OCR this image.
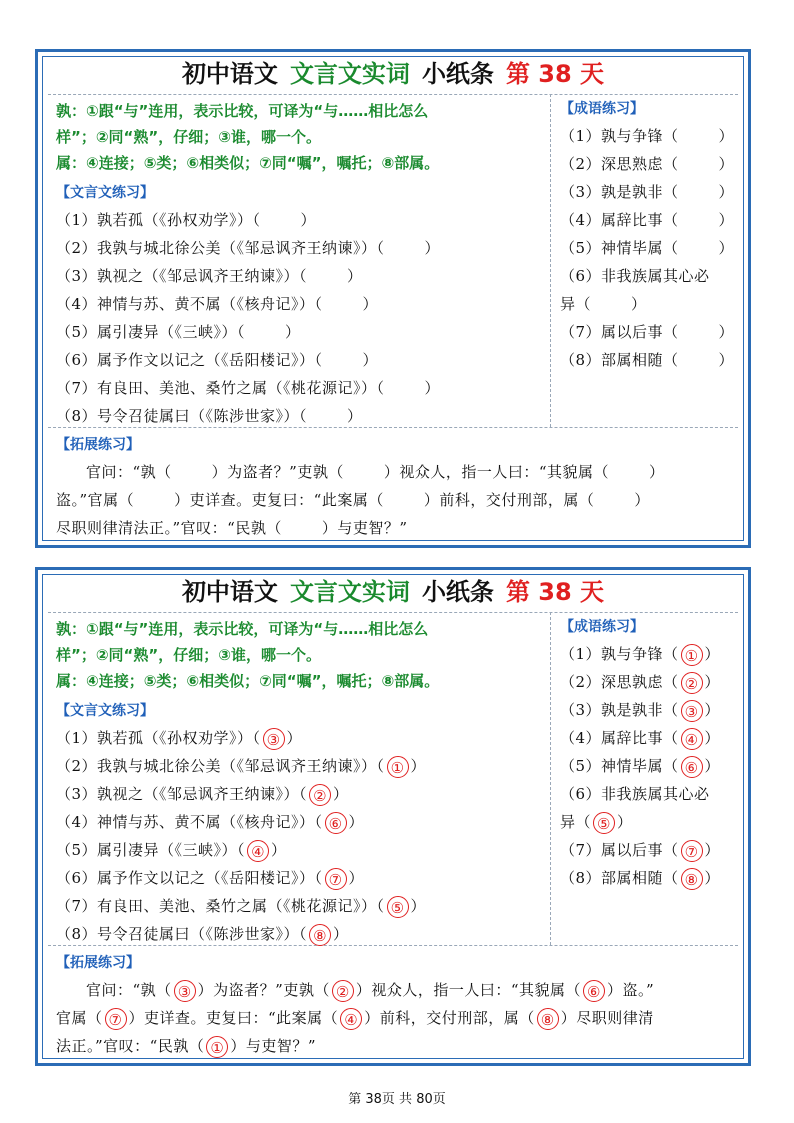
初中语文 文言文实词 小纸条 第 38 天
孰：①跟“与”连用，表示比较，可译为“与……相比怎么
样”；②同“熟”，仔细；③谁，哪一个。
属：④连接；⑤类；⑥相类似；⑦同“嘱”，嘱托；⑧部属。
【文言文练习】
（1）孰若孤（《孙权劝学》）（	）
（2）我孰与城北徐公美（《邹忌讽齐王纳谏》）（	）
（3）孰视之（《邹忌讽齐王纳谏》）（	）
（4）神情与苏、黄不属（《核舟记》）（	）
（5）属引凄异（《三峡》）（	）
（6）属予作文以记之（《岳阳楼记》）（	）
（7）有良田、美池、桑竹之属（《桃花源记》）（	）
（8）号令召徒属曰（《陈涉世家》）（	）
【成语练习】
（1）孰与争锋（	）
（2）深思熟虑（	）
（3）孰是孰非（	）
（4）属辞比事（	）
（5）神情毕属（	）
（6）非我族属其心必
异（	）
（7）属以后事（	）
（8）部属相随（	）
【拓展练习】
官问：“孰（	）为盗者？”吏孰（	）视众人，指一人曰：“其貌属（	）
盗。”官属（	）吏详查。吏复曰：“此案属（	）前科，交付刑部，属（	）
尽职则律清法正。”官叹：“民孰（	）与吏智？”
初中语文 文言文实词 小纸条 第 38 天
孰：①跟“与”连用，表示比较，可译为“与……相比怎么
样”；②同“熟”，仔细；③谁，哪一个。
属：④连接；⑤类；⑥相类似；⑦同“嘱”，嘱托；⑧部属。
【文言文练习】
（1）孰若孤（《孙权劝学》）（ ③ ）
（2）我孰与城北徐公美（《邹忌讽齐王纳谏》）（ ① ）
（3）孰视之（《邹忌讽齐王纳谏》）（ ② ）
（4）神情与苏、黄不属（《核舟记》）（ ⑥ ）
（5）属引凄异（《三峡》）（ ④ ）
（6）属予作文以记之（《岳阳楼记》）（ ⑦ ）
（7）有良田、美池、桑竹之属（《桃花源记》）（ ⑤ ）
（8）号令召徒属曰（《陈涉世家》）（ ⑧ ）
【成语练习】
（1）孰与争锋（ ① ）
（2）深思孰虑（ ② ）
（3）孰是孰非（ ③ ）
（4）属辞比事（ ④ ）
（5）神情毕属（ ⑥ ）
（6）非我族属其心必
异（ ⑤ ）
（7）属以后事（ ⑦ ）
（8）部属相随（ ⑧ ）
【拓展练习】
官问：“孰（ ③ ）为盗者？”吏孰（ ② ）视众人，指一人曰：“其貌属（ ⑥ ）盗。”
官属（ ⑦ ）吏详查。吏复曰：“此案属（ ④ ）前科，交付刑部，属（ ⑧ ）尽职则律清
法正。”官叹：“民孰（ ① ）与吏智？”
第 38页 共 80页
